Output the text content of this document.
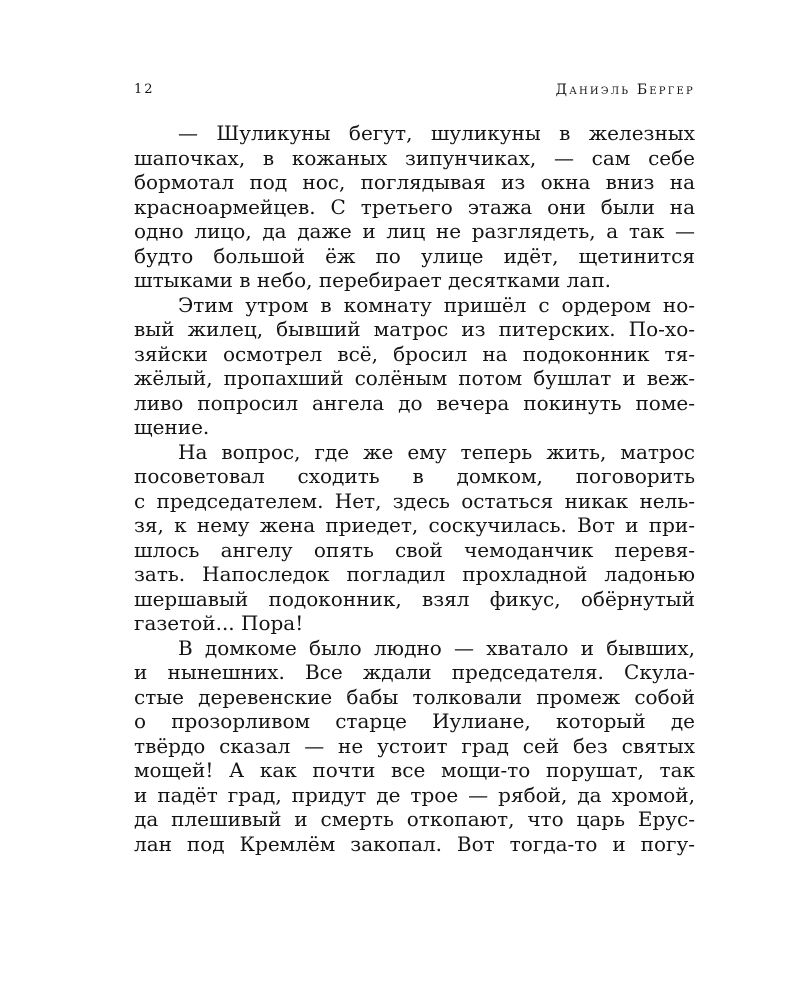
12	Даниэль Бергер
— Шуликуны бегут, шуликуны в железных
шапочках, в кожаных зипунчиках, — сам себе
бормотал под нос, поглядывая из окна вниз на
красноармейцев. С третьего этажа они были на
одно лицо, да даже и лиц не разглядеть, а так —
будто большой ёж по улице идёт, щетинится
штыками в небо, перебирает десятками лап.
Этим утром в комнату пришёл с ордером но-
вый жилец, бывший матрос из питерских. По-хо-
зяйски осмотрел всё, бросил на подоконник тя-
жёлый, пропахший солёным потом бушлат и веж-
ливо попросил ангела до вечера покинуть поме-
щение.
На вопрос, где же ему теперь жить, матрос
посоветовал сходить в домком, поговорить
с председателем. Нет, здесь остаться никак нель-
зя, к нему жена приедет, соскучилась. Вот и при-
шлось ангелу опять свой чемоданчик перевя-
зать. Напоследок погладил прохладной ладонью
шершавый подоконник, взял фикус, обёрнутый
газетой... Пора!
В домкоме было людно — хватало и бывших,
и нынешних. Все ждали председателя. Скула-
стые деревенские бабы толковали промеж собой
о прозорливом старце Иулиане, который де
твёрдо сказал — не устоит град сей без святых
мощей! А как почти все мощи-то порушат, так
и падёт град, придут де трое — рябой, да хромой,
да плешивый и смерть откопают, что царь Ерус-
лан под Кремлём закопал. Вот тогда-то и погу-
